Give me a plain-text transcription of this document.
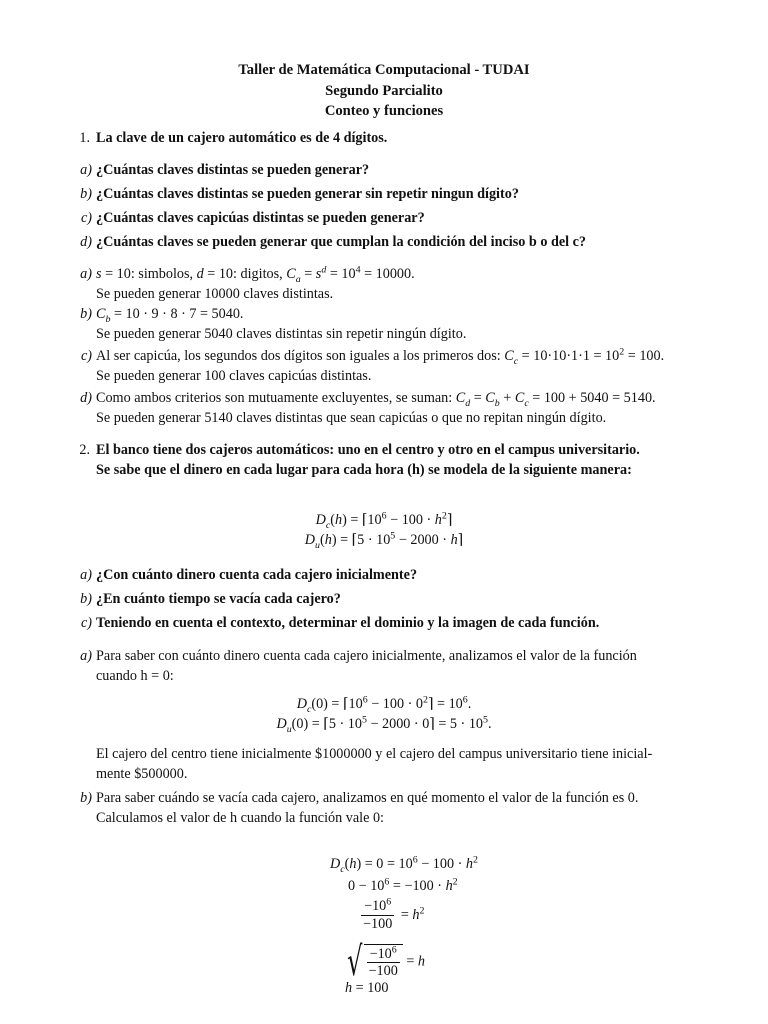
Taller de Matemática Computacional - TUDAI
Segundo Parcialito
Conteo y funciones
1. La clave de un cajero automático es de 4 dígitos.
a) ¿Cuántas claves distintas se pueden generar?
b) ¿Cuántas claves distintas se pueden generar sin repetir ningun dígito?
c) ¿Cuántas claves capicúas distintas se pueden generar?
d) ¿Cuántas claves se pueden generar que cumplan la condición del inciso b o del c?
a) s = 10: simbolos, d = 10: digitos, $C_a = s^d = 10^4 = 10000$.
Se pueden generar 10000 claves distintas.
b) $C_b = 10 \cdot 9 \cdot 8 \cdot 7 = 5040$.
Se pueden generar 5040 claves distintas sin repetir ningún dígito.
c) Al ser capicúa, los segundos dos dígitos son iguales a los primeros dos: $C_c = 10\cdot 10\cdot 1\cdot 1 = 10^2 = 100$.
Se pueden generar 100 claves capicúas distintas.
d) Como ambos criterios son mutuamente excluyentes, se suman: $C_d = C_b + C_c = 100 + 5040 = 5140$.
Se pueden generar 5140 claves distintas que sean capicúas o que no repitan ningún dígito.
2. El banco tiene dos cajeros automáticos: uno en el centro y otro en el campus universitario.
Se sabe que el dinero en cada lugar para cada hora (h) se modela de la siguiente manera:
$D_c(h)$ = $⌈10^6 - 100$ · $h^2⌉$
$D_u(h)$ = ⌈5 · $10^5 - 2000$ · h⌉
a) ¿Con cuánto dinero cuenta cada cajero inicialmente?
b) ¿En cuánto tiempo se vacía cada cajero?
c) Teniendo en cuenta el contexto, determinar el dominio y la imagen de cada función.
a) Para saber con cuánto dinero cuenta cada cajero inicialmente, analizamos el valor de la función
cuando h = 0:
$D_c(0)$ = $⌈10^6 - 100$ · $0^2⌉ = 10^6$.
$D_u(0)$ = ⌈5 · $10^5 - 2000$ · 0⌉ = $5 \cdot 10^5$.
El cajero del centro tiene inicialmente $1000000 y el cajero del campus universitario tiene inicial-
mente $500000.
b) Para saber cuándo se vacía cada cajero, analizamos en qué momento el valor de la función es 0.
Calculamos el valor de h cuando la función vale 0:
$D_c(h) = 0 = 10^6 - 100 \cdot h^2$
$0 - 10^6 = -100 \cdot h^2$
$\frac{-10^6}{-100} = h^2$
√ $\frac{-10^6}{-100} = h$
h = 100
